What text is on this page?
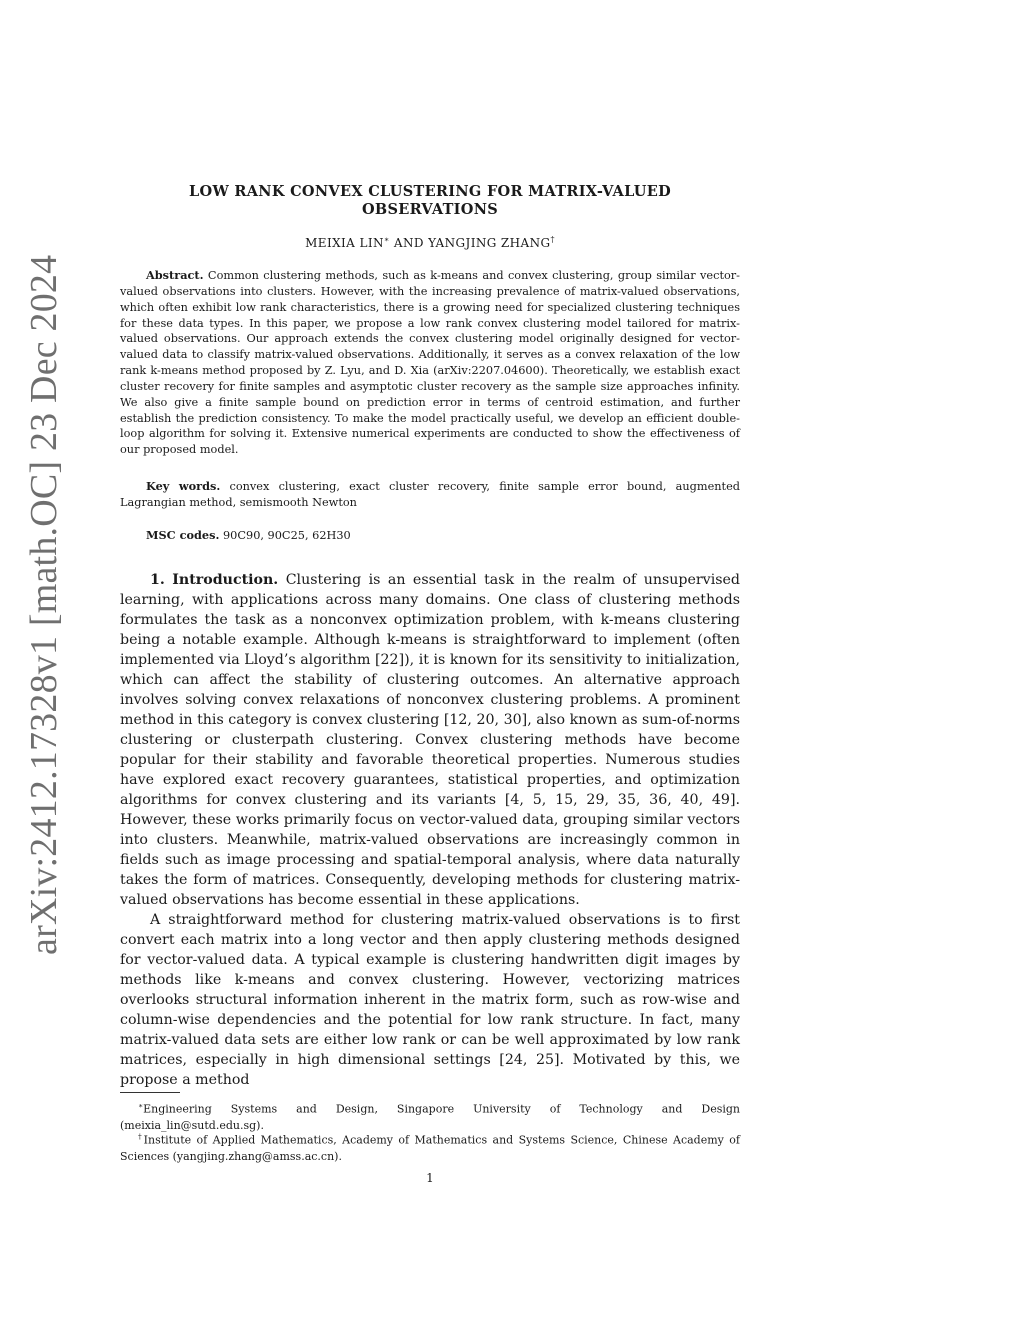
arXiv:2412.17328v1 [math.OC] 23 Dec 2024
LOW RANK CONVEX CLUSTERING FOR MATRIX-VALUED
OBSERVATIONS

MEIXIA LIN∗ AND YANGJING ZHANG†

Abstract. Common clustering methods, such as k-means and convex clustering, group similar vector-valued observations into clusters. However, with the increasing prevalence of matrix-valued observations, which often exhibit low rank characteristics, there is a growing need for specialized clustering techniques for these data types. In this paper, we propose a low rank convex clustering model tailored for matrix-valued observations. Our approach extends the convex clustering model originally designed for vector-valued data to classify matrix-valued observations. Additionally, it serves as a convex relaxation of the low rank k-means method proposed by Z. Lyu, and D. Xia (arXiv:2207.04600). Theoretically, we establish exact cluster recovery for finite samples and asymptotic cluster recovery as the sample size approaches infinity. We also give a finite sample bound on prediction error in terms of centroid estimation, and further establish the prediction consistency. To make the model practically useful, we develop an efficient double-loop algorithm for solving it. Extensive numerical experiments are conducted to show the effectiveness of our proposed model.

Key words. convex clustering, exact cluster recovery, finite sample error bound, augmented Lagrangian method, semismooth Newton

MSC codes. 90C90, 90C25, 62H30

1. Introduction. Clustering is an essential task in the realm of unsupervised learning, with applications across many domains. One class of clustering methods formulates the task as a nonconvex optimization problem, with k-means clustering being a notable example. Although k-means is straightforward to implement (often implemented via Lloyd’s algorithm [22]), it is known for its sensitivity to initialization, which can affect the stability of clustering outcomes. An alternative approach involves solving convex relaxations of nonconvex clustering problems. A prominent method in this category is convex clustering [12, 20, 30], also known as sum-of-norms clustering or clusterpath clustering. Convex clustering methods have become popular for their stability and favorable theoretical properties. Numerous studies have explored exact recovery guarantees, statistical properties, and optimization algorithms for convex clustering and its variants [4, 5, 15, 29, 35, 36, 40, 49]. However, these works primarily focus on vector-valued data, grouping similar vectors into clusters. Meanwhile, matrix-valued observations are increasingly common in fields such as image processing and spatial-temporal analysis, where data naturally takes the form of matrices. Consequently, developing methods for clustering matrix-valued observations has become essential in these applications.

A straightforward method for clustering matrix-valued observations is to first convert each matrix into a long vector and then apply clustering methods designed for vector-valued data. A typical example is clustering handwritten digit images by methods like k-means and convex clustering. However, vectorizing matrices overlooks structural information inherent in the matrix form, such as row-wise and column-wise dependencies and the potential for low rank structure. In fact, many matrix-valued data sets are either low rank or can be well approximated by low rank matrices, especially in high dimensional settings [24, 25]. Motivated by this, we propose a method

∗Engineering Systems and Design, Singapore University of Technology and Design (meixia_lin@sutd.edu.sg).

†Institute of Applied Mathematics, Academy of Mathematics and Systems Science, Chinese Academy of Sciences (yangjing.zhang@amss.ac.cn).

1
